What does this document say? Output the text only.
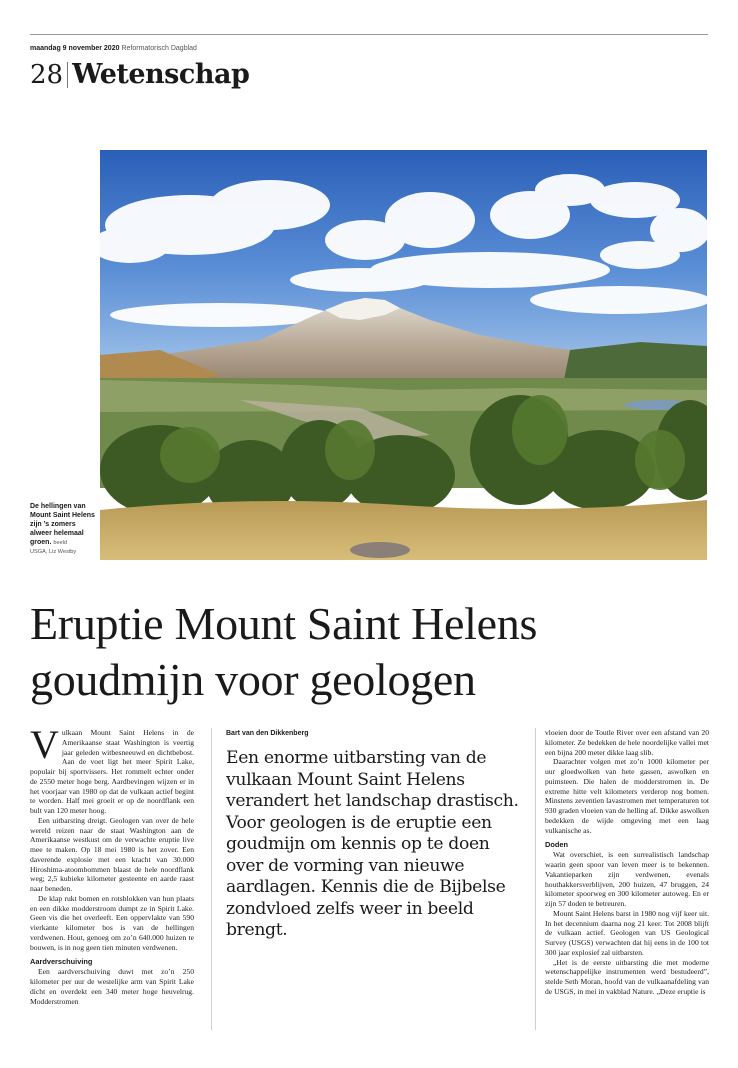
maandag 9 november 2020 Reformatorisch Dagblad
28 Wetenschap
De hellingen van Mount Saint Helens zijn ’s zomers alweer helemaal groen. beeld
USGA, Liz Westby
Eruptie Mount Saint Helens
goudmijn voor geologen
V ulkaan Mount Saint Helens in de Amerikaanse staat Washington is veertig jaar geleden witbesneeuwd en dichtbebost. Aan de voet ligt het meer Spirit Lake, populair bij sportvissers. Het rommelt echter onder de 2550 meter hoge berg. Aardbevingen wijzen er in het voorjaar van 1980 op dat de vulkaan actief begint te worden. Half mei groeit er op de noordflank een bult van 120 meter hoog.

Een uitbarsting dreigt. Geologen van over de hele wereld reizen naar de staat Washington aan de Amerikaanse westkust om de verwachte eruptie live mee te maken. Op 18 mei 1980 is het zover. Een daverende explosie met een kracht van 30.000 Hiroshima-atoombommen blaast de hele noordflank weg; 2,5 kubieke kilometer gesteente en aarde raast naar beneden.

De klap rukt bomen en rotsblokken van hun plaats en een dikke modderstroom dumpt ze in Spirit Lake. Geen vis die het overleeft. Een oppervlakte van 590 vierkante kilometer bos is van de hellingen verdwenen. Hout, genoeg om zo’n 640.000 huizen te bouwen, is in nog geen tien minuten verdwenen.

Aardverschuiving

Een aardverschuiving duwt met zo’n 250 kilometer per uur de westelijke arm van Spirit Lake dicht en overdekt een 340 meter hoge heuvelrug. Modderstromen

Bart van den Dikkenberg

Een enorme uitbarsting van de vulkaan Mount Saint Helens verandert het landschap drastisch. Voor geologen is de eruptie een goudmijn om kennis op te doen over de vorming van nieuwe aardlagen. Kennis die de Bijbelse zondvloed zelfs weer in beeld brengt.

vloeien door de Toutle River over een afstand van 20 kilometer. Ze bedekken de hele noordelijke vallei met een bijna 200 meter dikke laag slib.

Daarachter volgen met zo’n 1000 kilometer per uur gloedwolken van hete gassen, aswolken en puimsteen. Die halen de modderstromen in. De extreme hitte velt kilometers verderop nog bomen. Minstens zeventien lavastromen met temperaturen tot 930 graden vloeien van de helling af. Dikke aswolken bedekken de wijde omgeving met een laag vulkanische as.

Doden

Wat overschiet, is een surrealistisch landschap waarin geen spoor van leven meer is te bekennen. Vakantieparken zijn verdwenen, evenals houthakkersverblijven, 200 huizen, 47 bruggen, 24 kilometer spoorweg en 300 kilometer autoweg. En er zijn 57 doden te betreuren.

Mount Saint Helens barst in 1980 nog vijf keer uit. In het decennium daarna nog 21 keer. Tot 2008 blijft de vulkaan actief. Geologen van US Geological Survey (USGS) verwachten dat hij eens in de 100 tot 300 jaar explosief zal uitbarsten.

„Het is de eerste uitbarsting die met moderne wetenschappelijke instrumenten werd bestudeerd”, stelde Seth Moran, hoofd van de vulkaanafdeling van de USGS, in mei in vakblad Nature. „Deze eruptie is
